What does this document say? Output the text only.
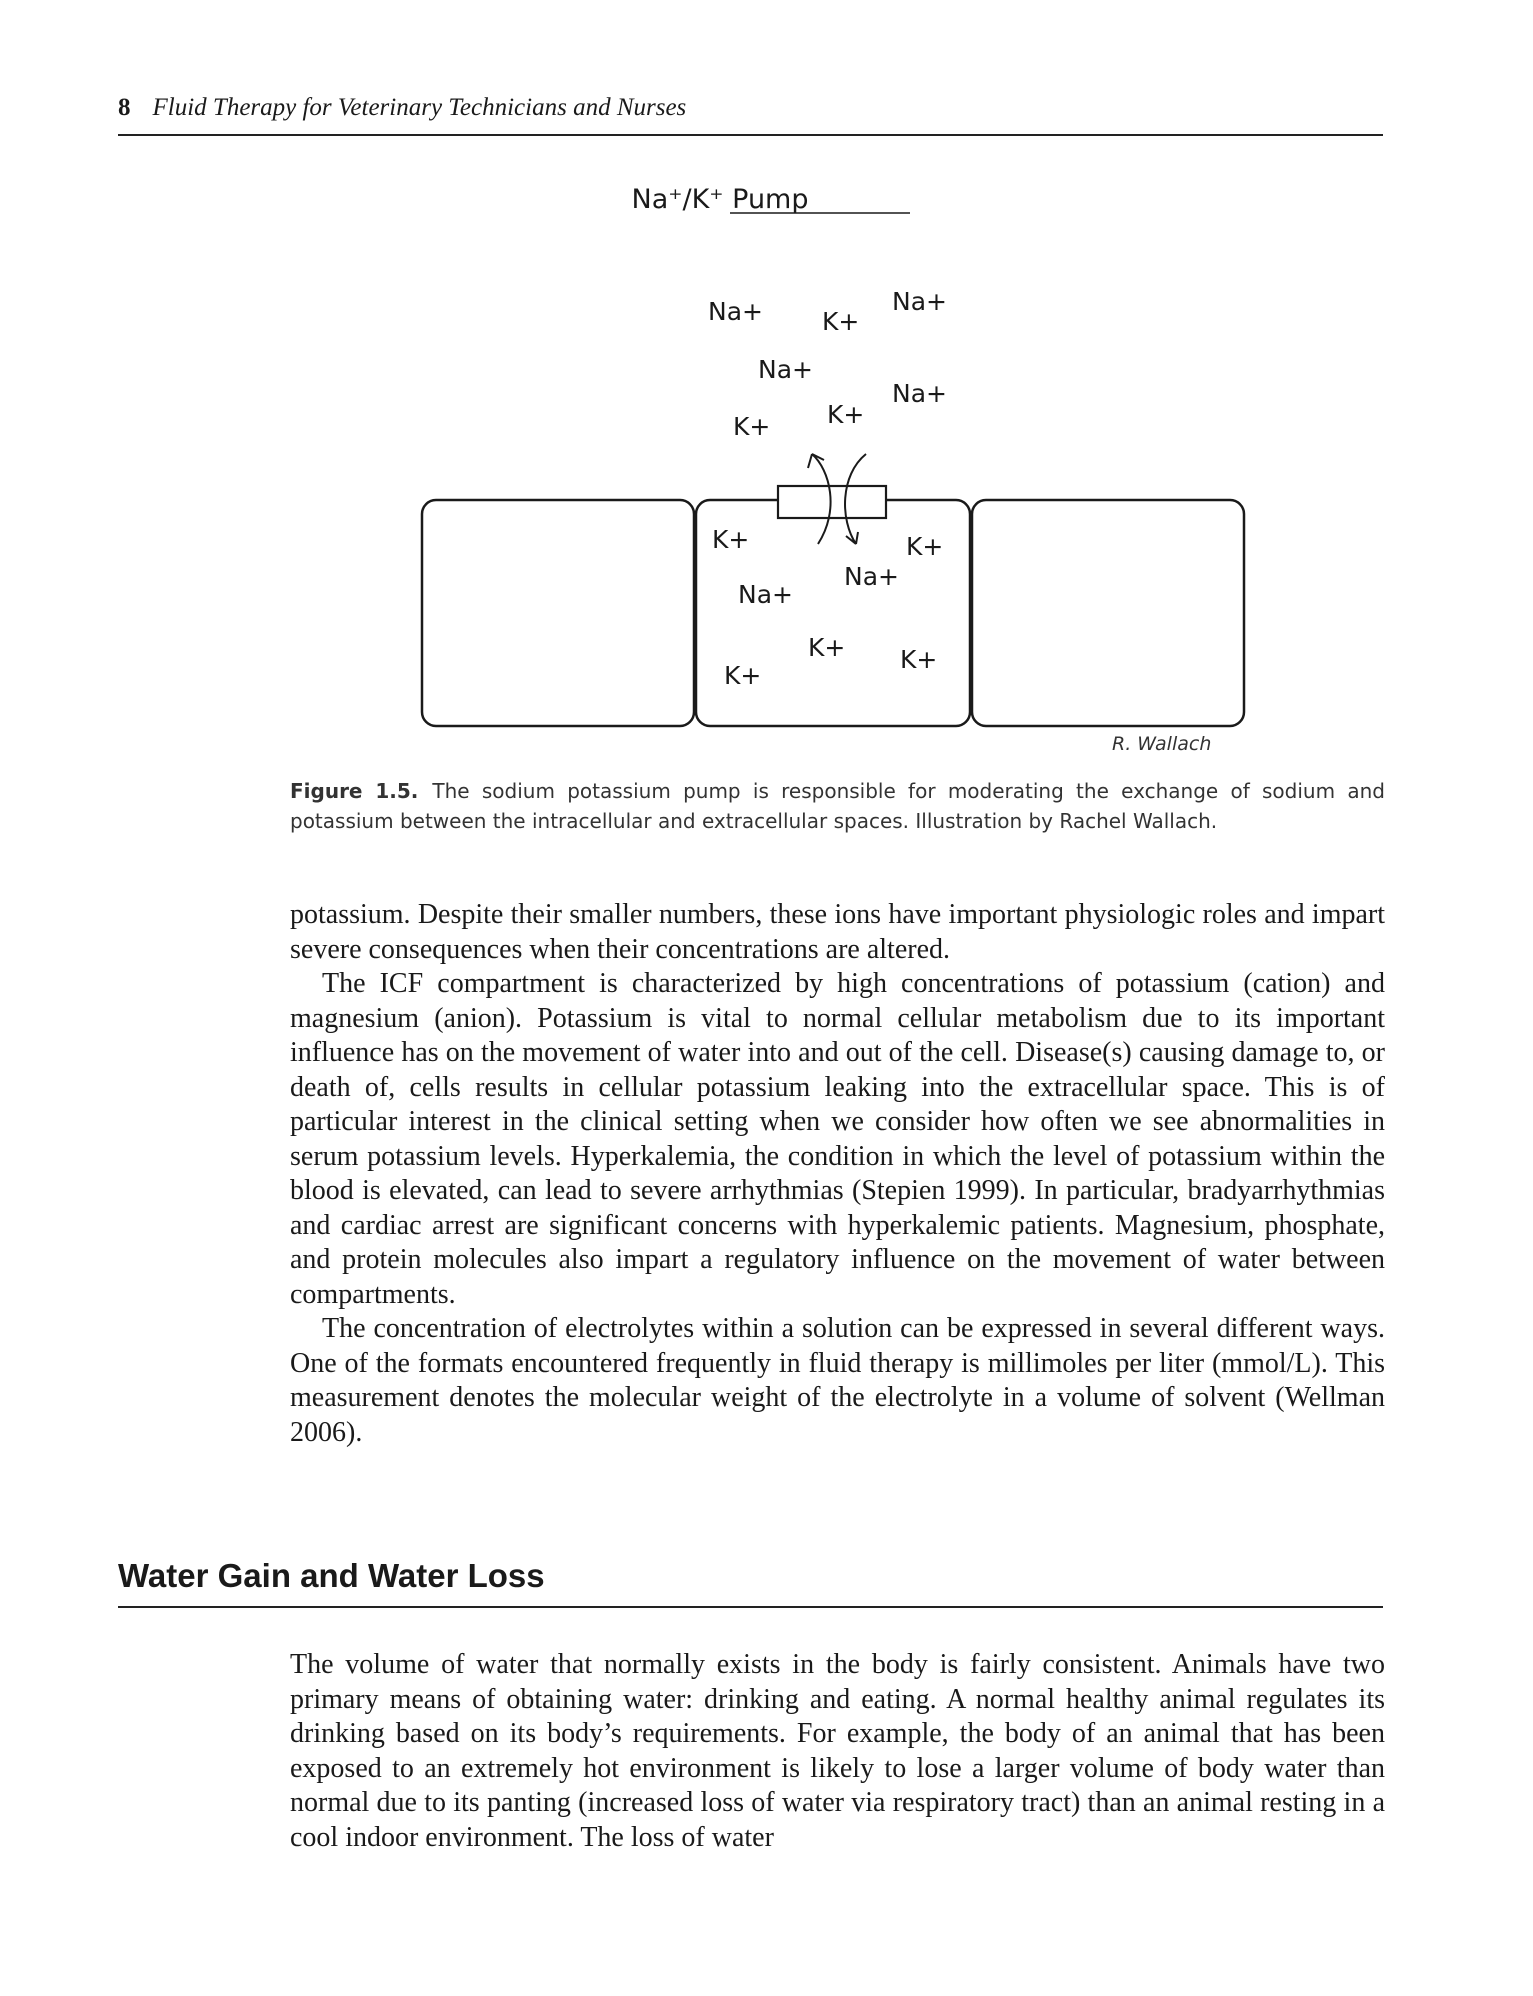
8 Fluid Therapy for Veterinary Technicians and Nurses
Na⁺/K⁺ Pump
Na+ K+
Na+
Na+
Na+
K+
K+
K+	K+
Na+
Na+
K+ K+
K+
R. Wallach
Figure 1.5. The sodium potassium pump is responsible for moderating the exchange of sodium and potassium between the intracellular and extracellular spaces. Illustration by Rachel Wallach.

potassium. Despite their smaller numbers, these ions have important physiologic roles and impart severe consequences when their concentrations are altered.

The ICF compartment is characterized by high concentrations of potassium (cation) and magnesium (anion). Potassium is vital to normal cellular metabolism due to its important influence has on the movement of water into and out of the cell. Disease(s) causing damage to, or death of, cells results in cellular potassium leaking into the extracellular space. This is of particular interest in the clinical setting when we consider how often we see abnormalities in serum potassium levels. Hyperkalemia, the condition in which the level of potassium within the blood is elevated, can lead to severe arrhythmias (Stepien 1999). In particular, bradyarrhythmias and cardiac arrest are significant concerns with hyperkalemic patients. Magnesium, phosphate, and protein molecules also impart a regulatory influence on the movement of water between compartments.

The concentration of electrolytes within a solution can be expressed in several different ways. One of the formats encountered frequently in fluid therapy is millimoles per liter (mmol/L). This measurement denotes the molecular weight of the electrolyte in a volume of solvent (Wellman 2006).

Water Gain and Water Loss

The volume of water that normally exists in the body is fairly consistent. Animals have two primary means of obtaining water: drinking and eating. A normal healthy animal regulates its drinking based on its body’s requirements. For example, the body of an animal that has been exposed to an extremely hot environment is likely to lose a larger volume of body water than normal due to its panting (increased loss of water via respiratory tract) than an animal resting in a cool indoor environment. The loss of water
